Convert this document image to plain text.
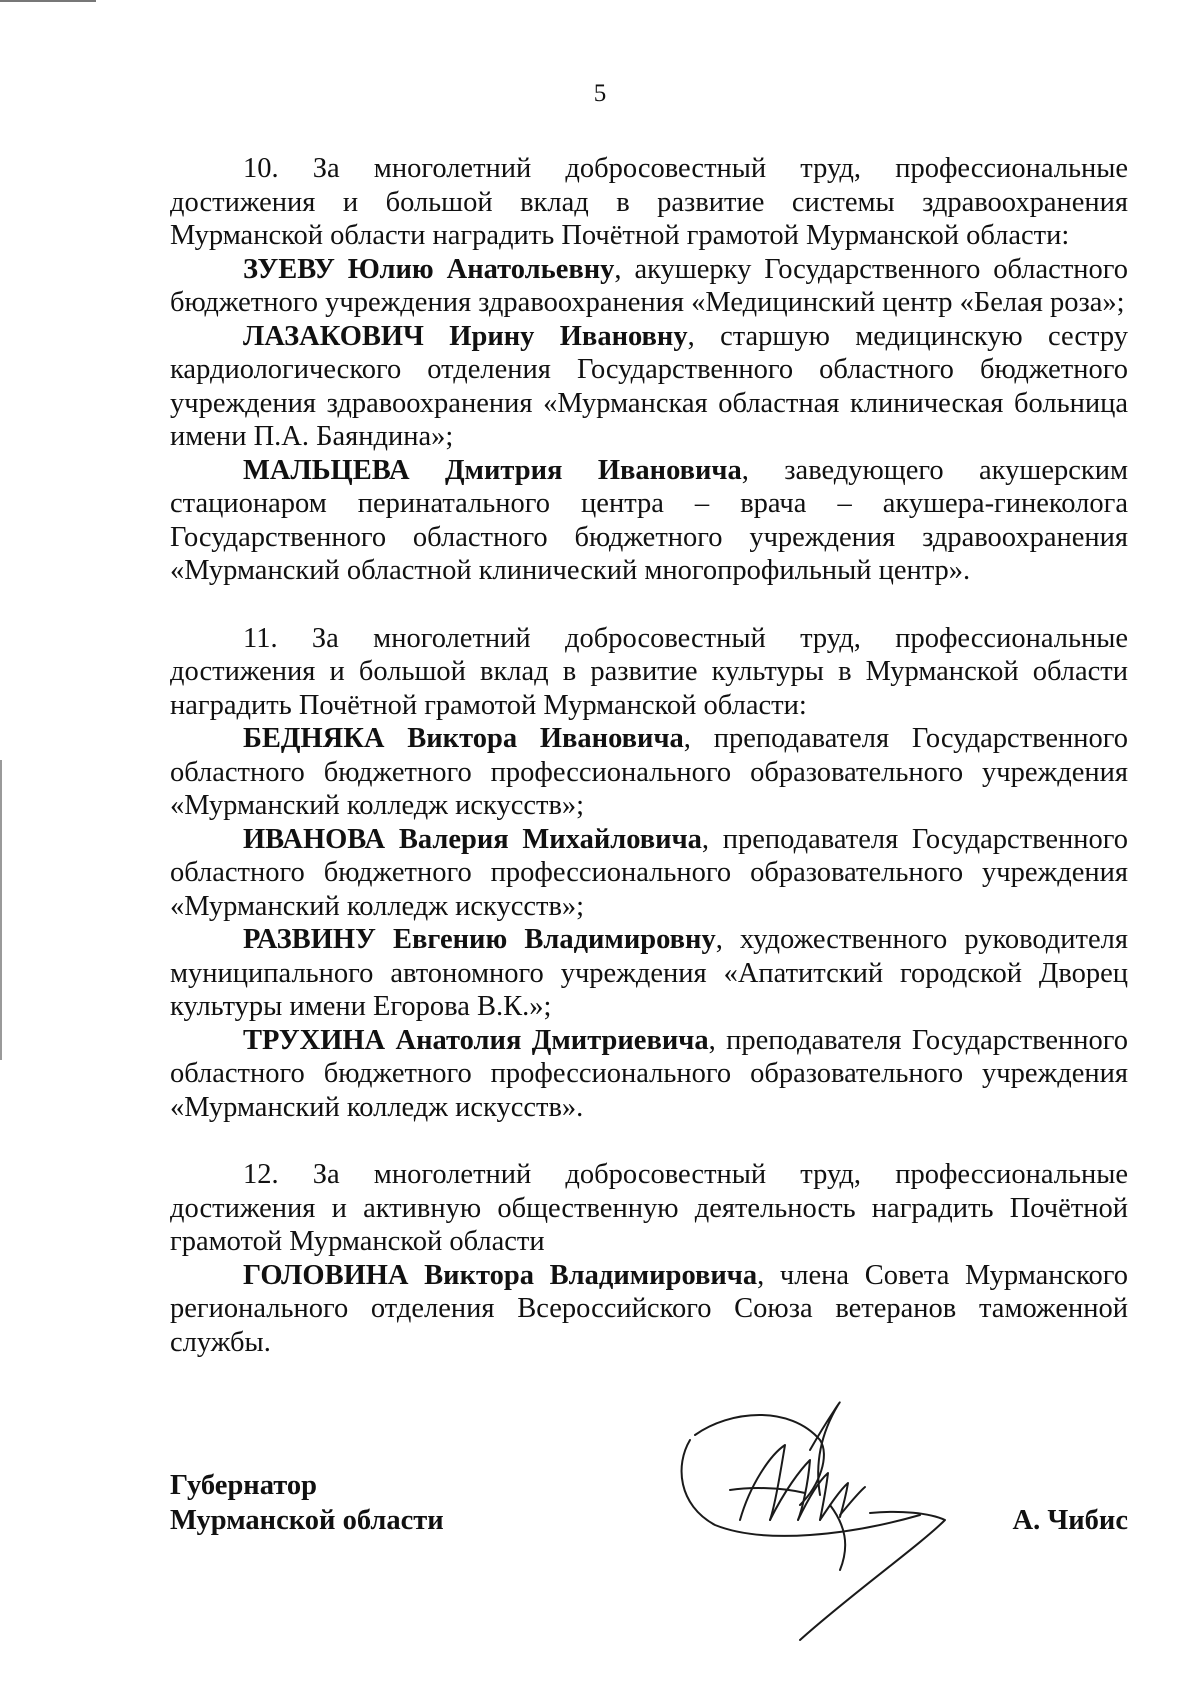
5

10. За многолетний добросовестный труд, профессиональные достижения и большой вклад в развитие системы здравоохранения Мурманской области наградить Почётной грамотой Мурманской области:

ЗУЕВУ Юлию Анатольевну, акушерку Государственного областного бюджетного учреждения здравоохранения «Медицинский центр «Белая роза»;

ЛАЗАКОВИЧ Ирину Ивановну, старшую медицинскую сестру кардиологического отделения Государственного областного бюджетного учреждения здравоохранения «Мурманская областная клиническая больница имени П.А. Баяндина»;

МАЛЬЦЕВА Дмитрия Ивановича, заведующего акушерским стационаром перинатального центра – врача – акушера-гинеколога Государственного областного бюджетного учреждения здравоохранения «Мурманский областной клинический многопрофильный центр».

11. За многолетний добросовестный труд, профессиональные достижения и большой вклад в развитие культуры в Мурманской области наградить Почётной грамотой Мурманской области:

БЕДНЯКА Виктора Ивановича, преподавателя Государственного областного бюджетного профессионального образовательного учреждения «Мурманский колледж искусств»;

ИВАНОВА Валерия Михайловича, преподавателя Государственного областного бюджетного профессионального образовательного учреждения «Мурманский колледж искусств»;

РАЗВИНУ Евгению Владимировну, художественного руководителя муниципального автономного учреждения «Апатитский городской Дворец культуры имени Егорова В.К.»;

ТРУХИНА Анатолия Дмитриевича, преподавателя Государственного областного бюджетного профессионального образовательного учреждения «Мурманский колледж искусств».

12. За многолетний добросовестный труд, профессиональные достижения и активную общественную деятельность наградить Почётной грамотой Мурманской области

ГОЛОВИНА Виктора Владимировича, члена Совета Мурманского регионального отделения Всероссийского Союза ветеранов таможенной службы.

Губернатор
Мурманской области	А. Чибис
